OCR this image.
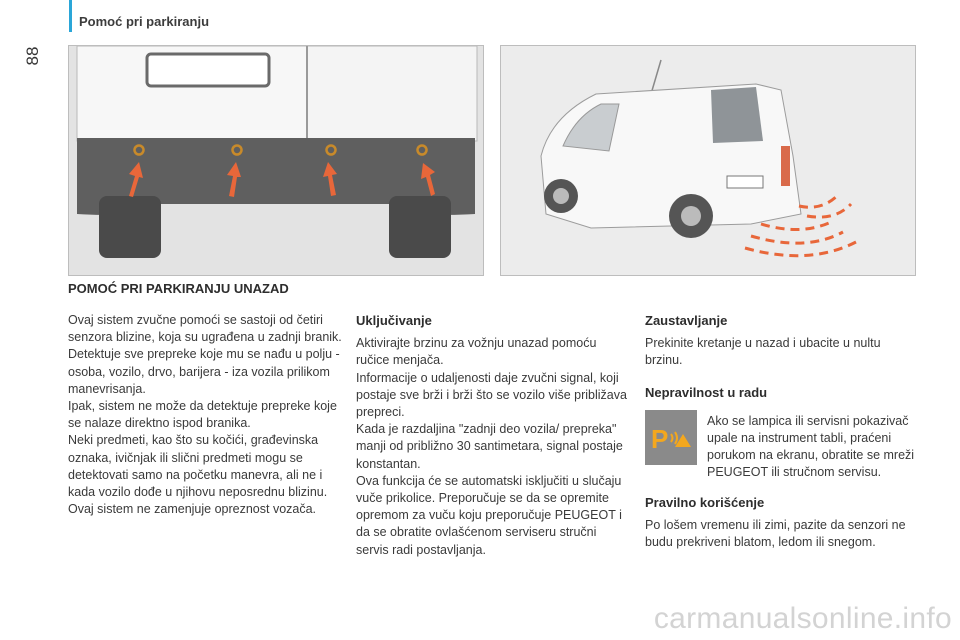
Pomoć pri parkiranju
88
POMOĆ PRI PARKIRANJU UNAZAD

Ovaj sistem zvučne pomoći se sastoji od četiri senzora blizine, koja su ugrađena u zadnji branik.

Detektuje sve prepreke koje mu se nađu u polju - osoba, vozilo, drvo, barijera - iza vozila prilikom manevrisanja.

Ipak, sistem ne može da detektuje prepreke koje se nalaze direktno ispod branika.

Neki predmeti, kao što su kočići, građevinska oznaka, ivičnjak ili slični predmeti mogu se detektovati samo na početku manevra, ali ne i kada vozilo dođe u njihovu neposrednu blizinu.

Ovaj sistem ne zamenjuje opreznost vozača.

Uključivanje

Aktivirajte brzinu za vožnju unazad pomoću ručice menjača.

Informacije o udaljenosti daje zvučni signal, koji postaje sve brži i brži što se vozilo više približava prepreci.

Kada je razdaljina "zadnji deo vozila/ prepreka" manji od približno 30 santimetara, signal postaje konstantan.

Ova funkcija će se automatski isključiti u slučaju vuče prikolice. Preporučuje se da se opremite opremom za vuču koju preporučuje PEUGEOT i da se obratite ovlašćenom serviseru stručni servis radi postavljanja.

Zaustavljanje

Prekinite kretanje u nazad i ubacite u nultu brzinu.

Nepravilnost u radu

Ako se lampica ili servisni pokazivač upale na instrument tabli, praćeni porukom na ekranu, obratite se mreži PEUGEOT ili stručnom servisu.

Pravilno korišćenje

Po lošem vremenu ili zimi, pazite da senzori ne budu prekriveni blatom, ledom ili snegom.

P
carmanualsonline.info
